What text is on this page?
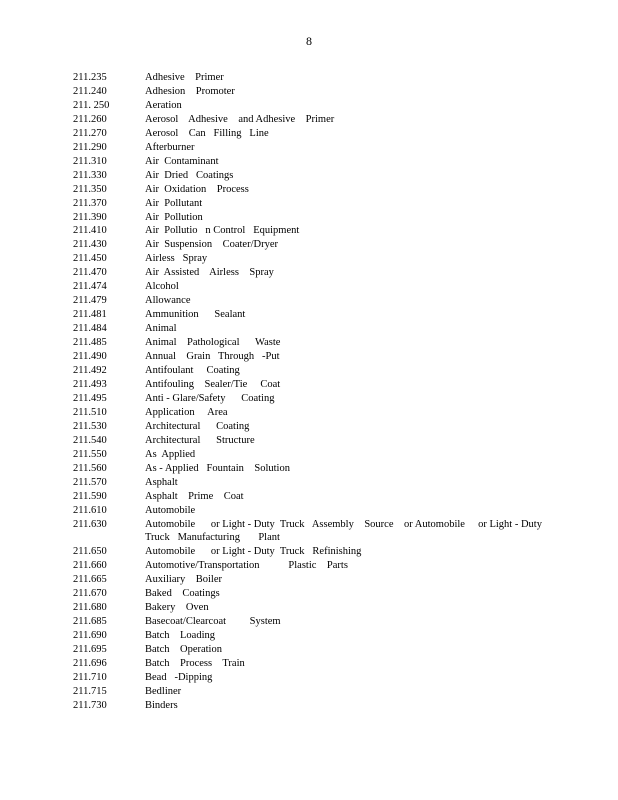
8
211.235	Adhesive    Primer
211.240	Adhesion    Promoter
211. 250	Aeration
211.260	Aerosol    Adhesive    and Adhesive    Primer
211.270	Aerosol    Can   Filling   Line
211.290	Afterburner
211.310	Air  Contaminant
211.330	Air  Dried   Coatings
211.350	Air  Oxidation    Process
211.370	Air  Pollutant
211.390	Air  Pollution
211.410	Air  Pollutio   n Control   Equipment
211.430	Air  Suspension    Coater/Dryer
211.450	Airless   Spray
211.470	Air  Assisted    Airless    Spray
211.474	Alcohol
211.479	Allowance
211.481	Ammunition      Sealant
211.484	Animal
211.485	Animal    Pathological      Waste
211.490	Annual    Grain   Through   -Put
211.492	Antifoulant     Coating
211.493	Antifouling    Sealer/Tie     Coat
211.495	Anti - Glare/Safety      Coating
211.510	Application     Area
211.530	Architectural      Coating
211.540	Architectural      Structure
211.550	As  Applied
211.560	As - Applied   Fountain    Solution
211.570	Asphalt
211.590	Asphalt    Prime    Coat
211.610	Automobile
211.630	Automobile      or Light - Duty  Truck   Assembly    Source    or Automobile     or Light - Duty
Truck   Manufacturing       Plant
211.650	Automobile      or Light - Duty  Truck   Refinishing
211.660	Automotive/Transportation           Plastic    Parts
211.665	Auxiliary    Boiler
211.670	Baked    Coatings
211.680	Bakery    Oven
211.685	Basecoat/Clearcoat         System
211.690	Batch    Loading
211.695	Batch    Operation
211.696	Batch    Process    Train
211.710	Bead   -Dipping
211.715	Bedliner
211.730	Binders
